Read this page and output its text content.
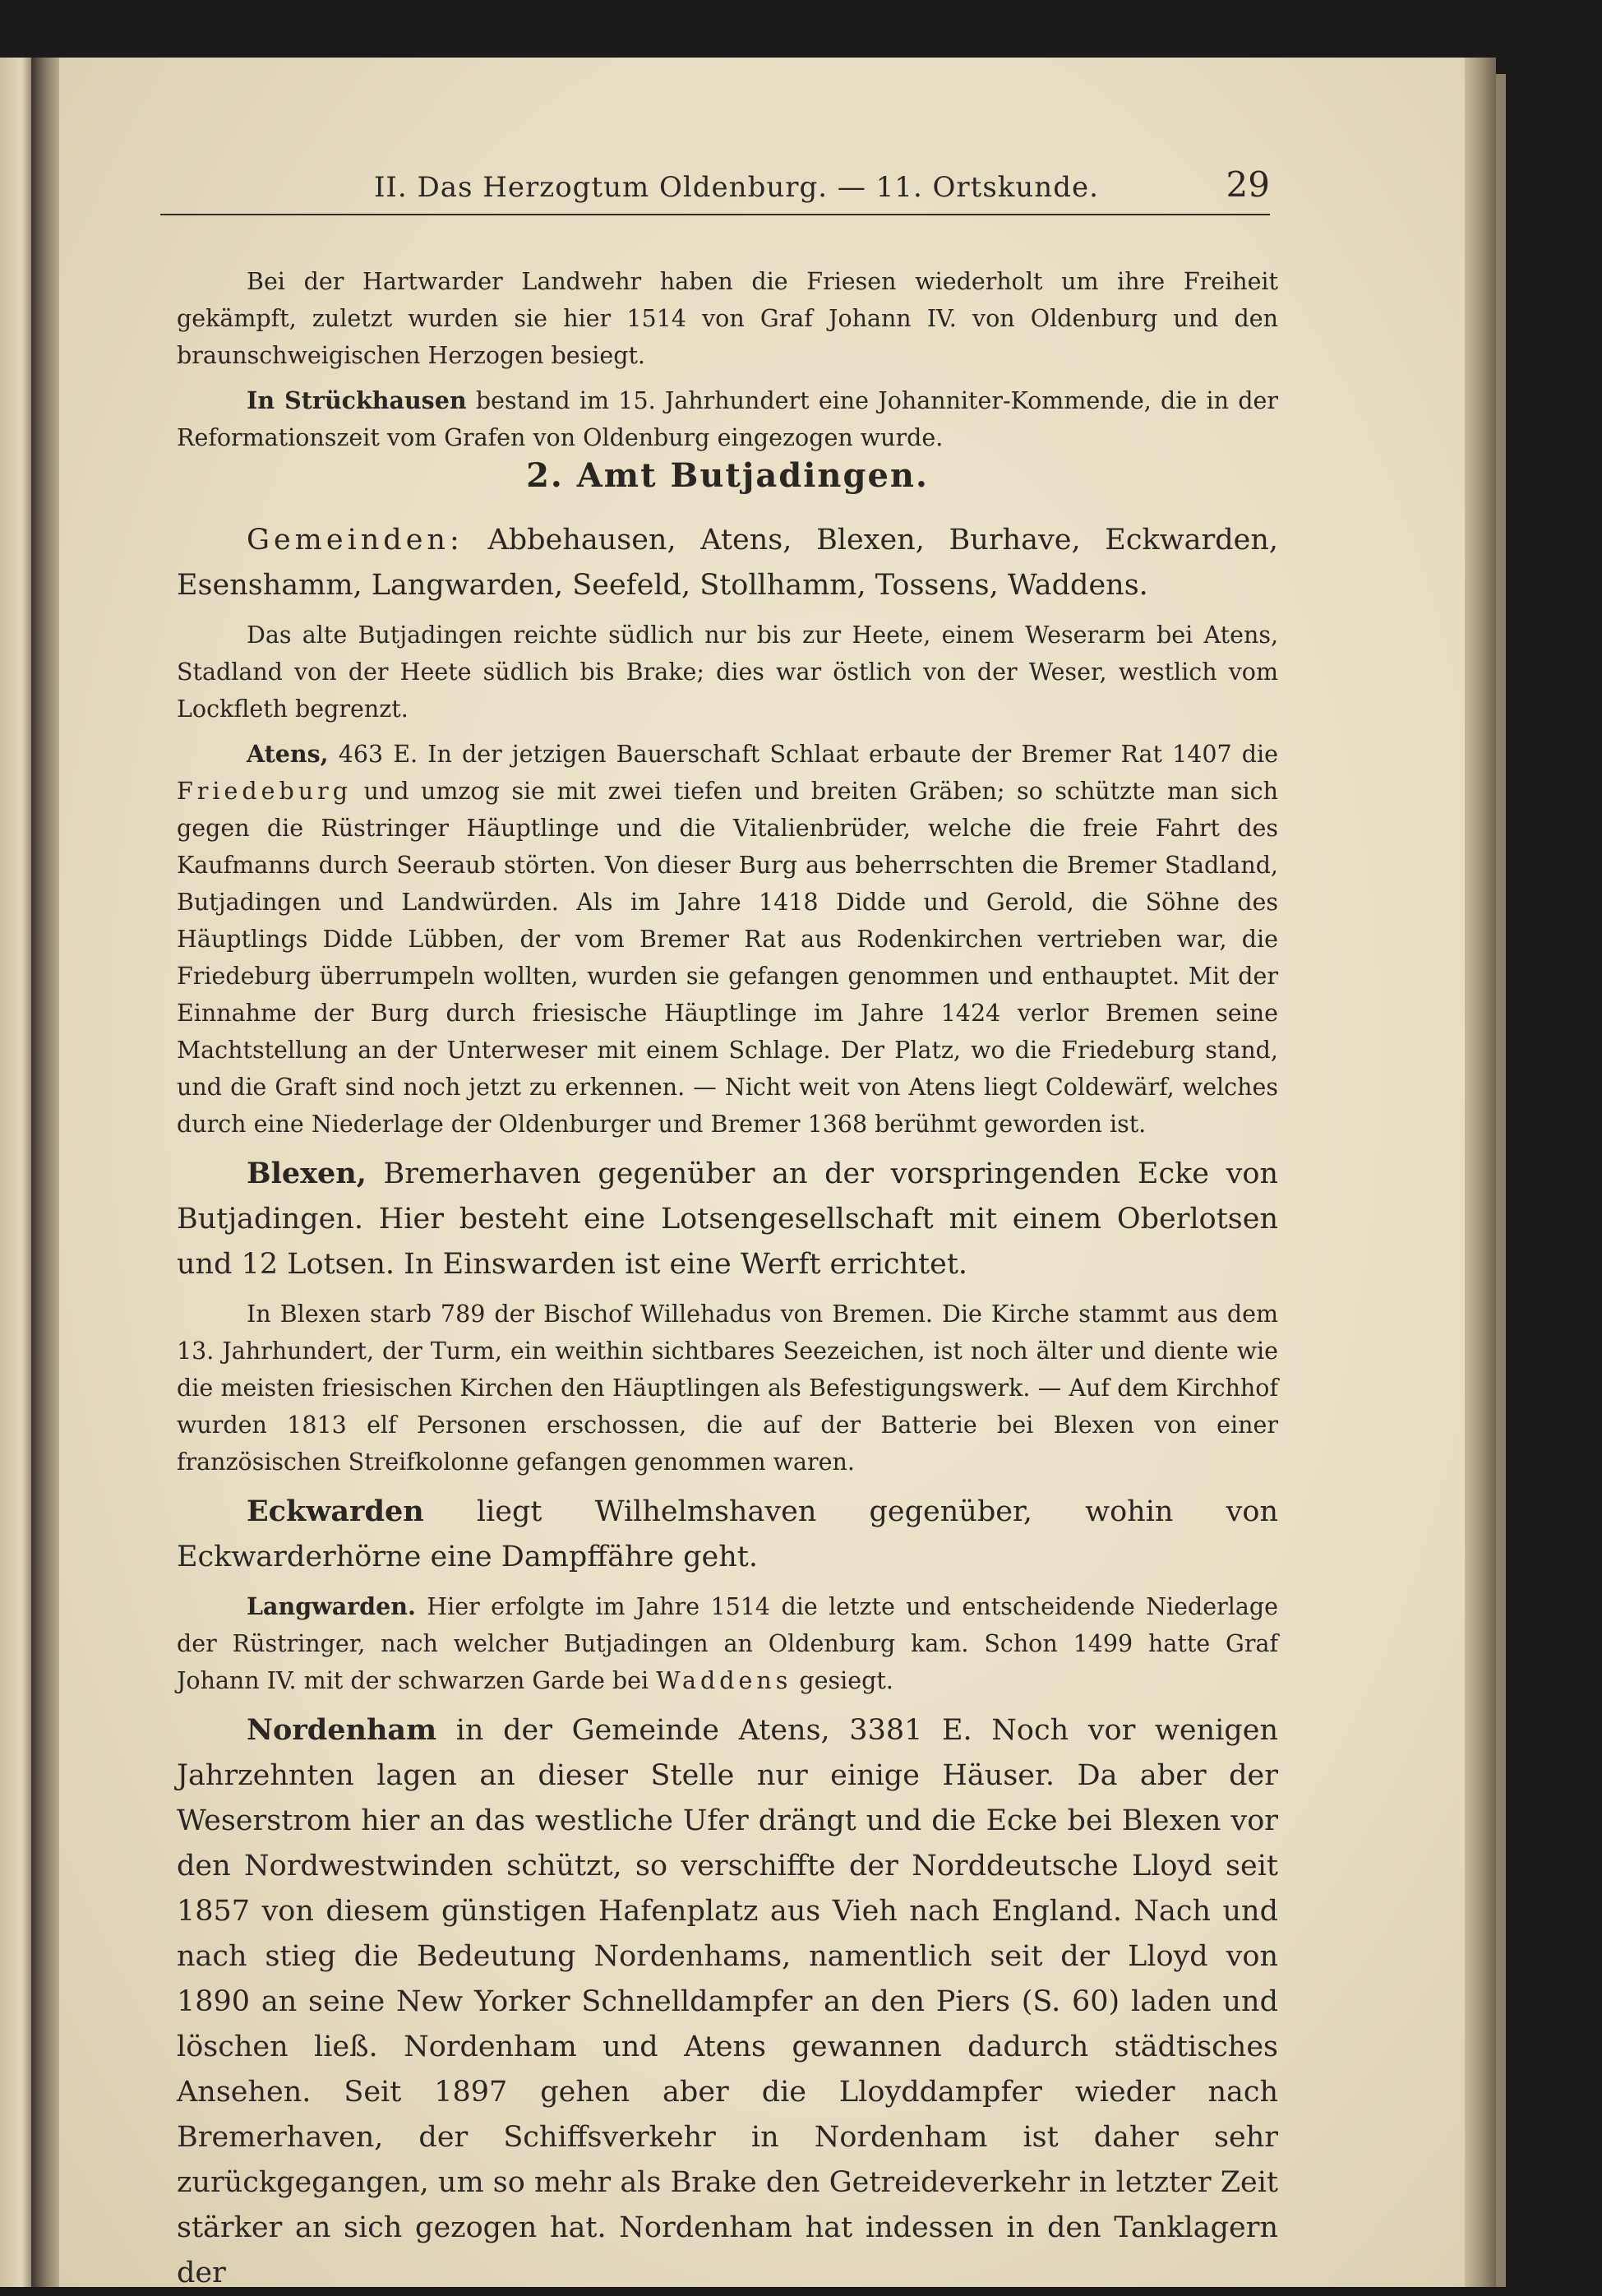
II. Das Herzogtum Oldenburg. — 11. Ortskunde.	29

Bei der Hartwarder Landwehr haben die Friesen wiederholt um ihre Freiheit gekämpft, zuletzt wurden sie hier 1514 von Graf Johann IV. von Oldenburg und den braunschweigischen Herzogen besiegt.

In Strückhausen bestand im 15. Jahrhundert eine Johanniter-Kommende, die in der Reformationszeit vom Grafen von Oldenburg eingezogen wurde.

2. Amt Butjadingen.

Gemeinden: Abbehausen, Atens, Blexen, Burhave, Eckwarden, Esenshamm, Langwarden, Seefeld, Stollhamm, Tossens, Waddens.

Das alte Butjadingen reichte südlich nur bis zur Heete, einem Weserarm bei Atens, Stadland von der Heete südlich bis Brake; dies war östlich von der Weser, westlich vom Lockfleth begrenzt.

Atens, 463 E. In der jetzigen Bauerschaft Schlaat erbaute der Bremer Rat 1407 die Friedeburg und umzog sie mit zwei tiefen und breiten Gräben; so schützte man sich gegen die Rüstringer Häuptlinge und die Vitalienbrüder, welche die freie Fahrt des Kaufmanns durch Seeraub störten. Von dieser Burg aus beherrschten die Bremer Stadland, Butjadingen und Landwürden. Als im Jahre 1418 Didde und Gerold, die Söhne des Häuptlings Didde Lübben, der vom Bremer Rat aus Rodenkirchen vertrieben war, die Friedeburg überrumpeln wollten, wurden sie gefangen genommen und enthauptet. Mit der Einnahme der Burg durch friesische Häuptlinge im Jahre 1424 verlor Bremen seine Machtstellung an der Unterweser mit einem Schlage. Der Platz, wo die Friedeburg stand, und die Graft sind noch jetzt zu erkennen. — Nicht weit von Atens liegt Coldewärf, welches durch eine Niederlage der Oldenburger und Bremer 1368 berühmt geworden ist.

Blexen, Bremerhaven gegenüber an der vorspringenden Ecke von Butjadingen. Hier besteht eine Lotsengesellschaft mit einem Oberlotsen und 12 Lotsen. In Einswarden ist eine Werft errichtet.

In Blexen starb 789 der Bischof Willehadus von Bremen. Die Kirche stammt aus dem 13. Jahrhundert, der Turm, ein weithin sichtbares Seezeichen, ist noch älter und diente wie die meisten friesischen Kirchen den Häuptlingen als Befestigungswerk. — Auf dem Kirchhof wurden 1813 elf Personen erschossen, die auf der Batterie bei Blexen von einer französischen Streifkolonne gefangen genommen waren.

Eckwarden liegt Wilhelmshaven gegenüber, wohin von Eckwarderhörne eine Dampffähre geht.

Langwarden. Hier erfolgte im Jahre 1514 die letzte und entscheidende Niederlage der Rüstringer, nach welcher Butjadingen an Oldenburg kam. Schon 1499 hatte Graf Johann IV. mit der schwarzen Garde bei Waddens gesiegt.

Nordenham in der Gemeinde Atens, 3381 E. Noch vor wenigen Jahrzehnten lagen an dieser Stelle nur einige Häuser. Da aber der Weserstrom hier an das westliche Ufer drängt und die Ecke bei Blexen vor den Nordwestwinden schützt, so verschiffte der Norddeutsche Lloyd seit 1857 von diesem günstigen Hafenplatz aus Vieh nach England. Nach und nach stieg die Bedeutung Nordenhams, namentlich seit der Lloyd von 1890 an seine New Yorker Schnelldampfer an den Piers (S. 60) laden und löschen ließ. Nordenham und Atens gewannen dadurch städtisches Ansehen. Seit 1897 gehen aber die Lloyddampfer wieder nach Bremerhaven, der Schiffsverkehr in Nordenham ist daher sehr zurückgegangen, um so mehr als Brake den Getreideverkehr in letzter Zeit stärker an sich gezogen hat. Nordenham hat indessen in den Tanklagern der
